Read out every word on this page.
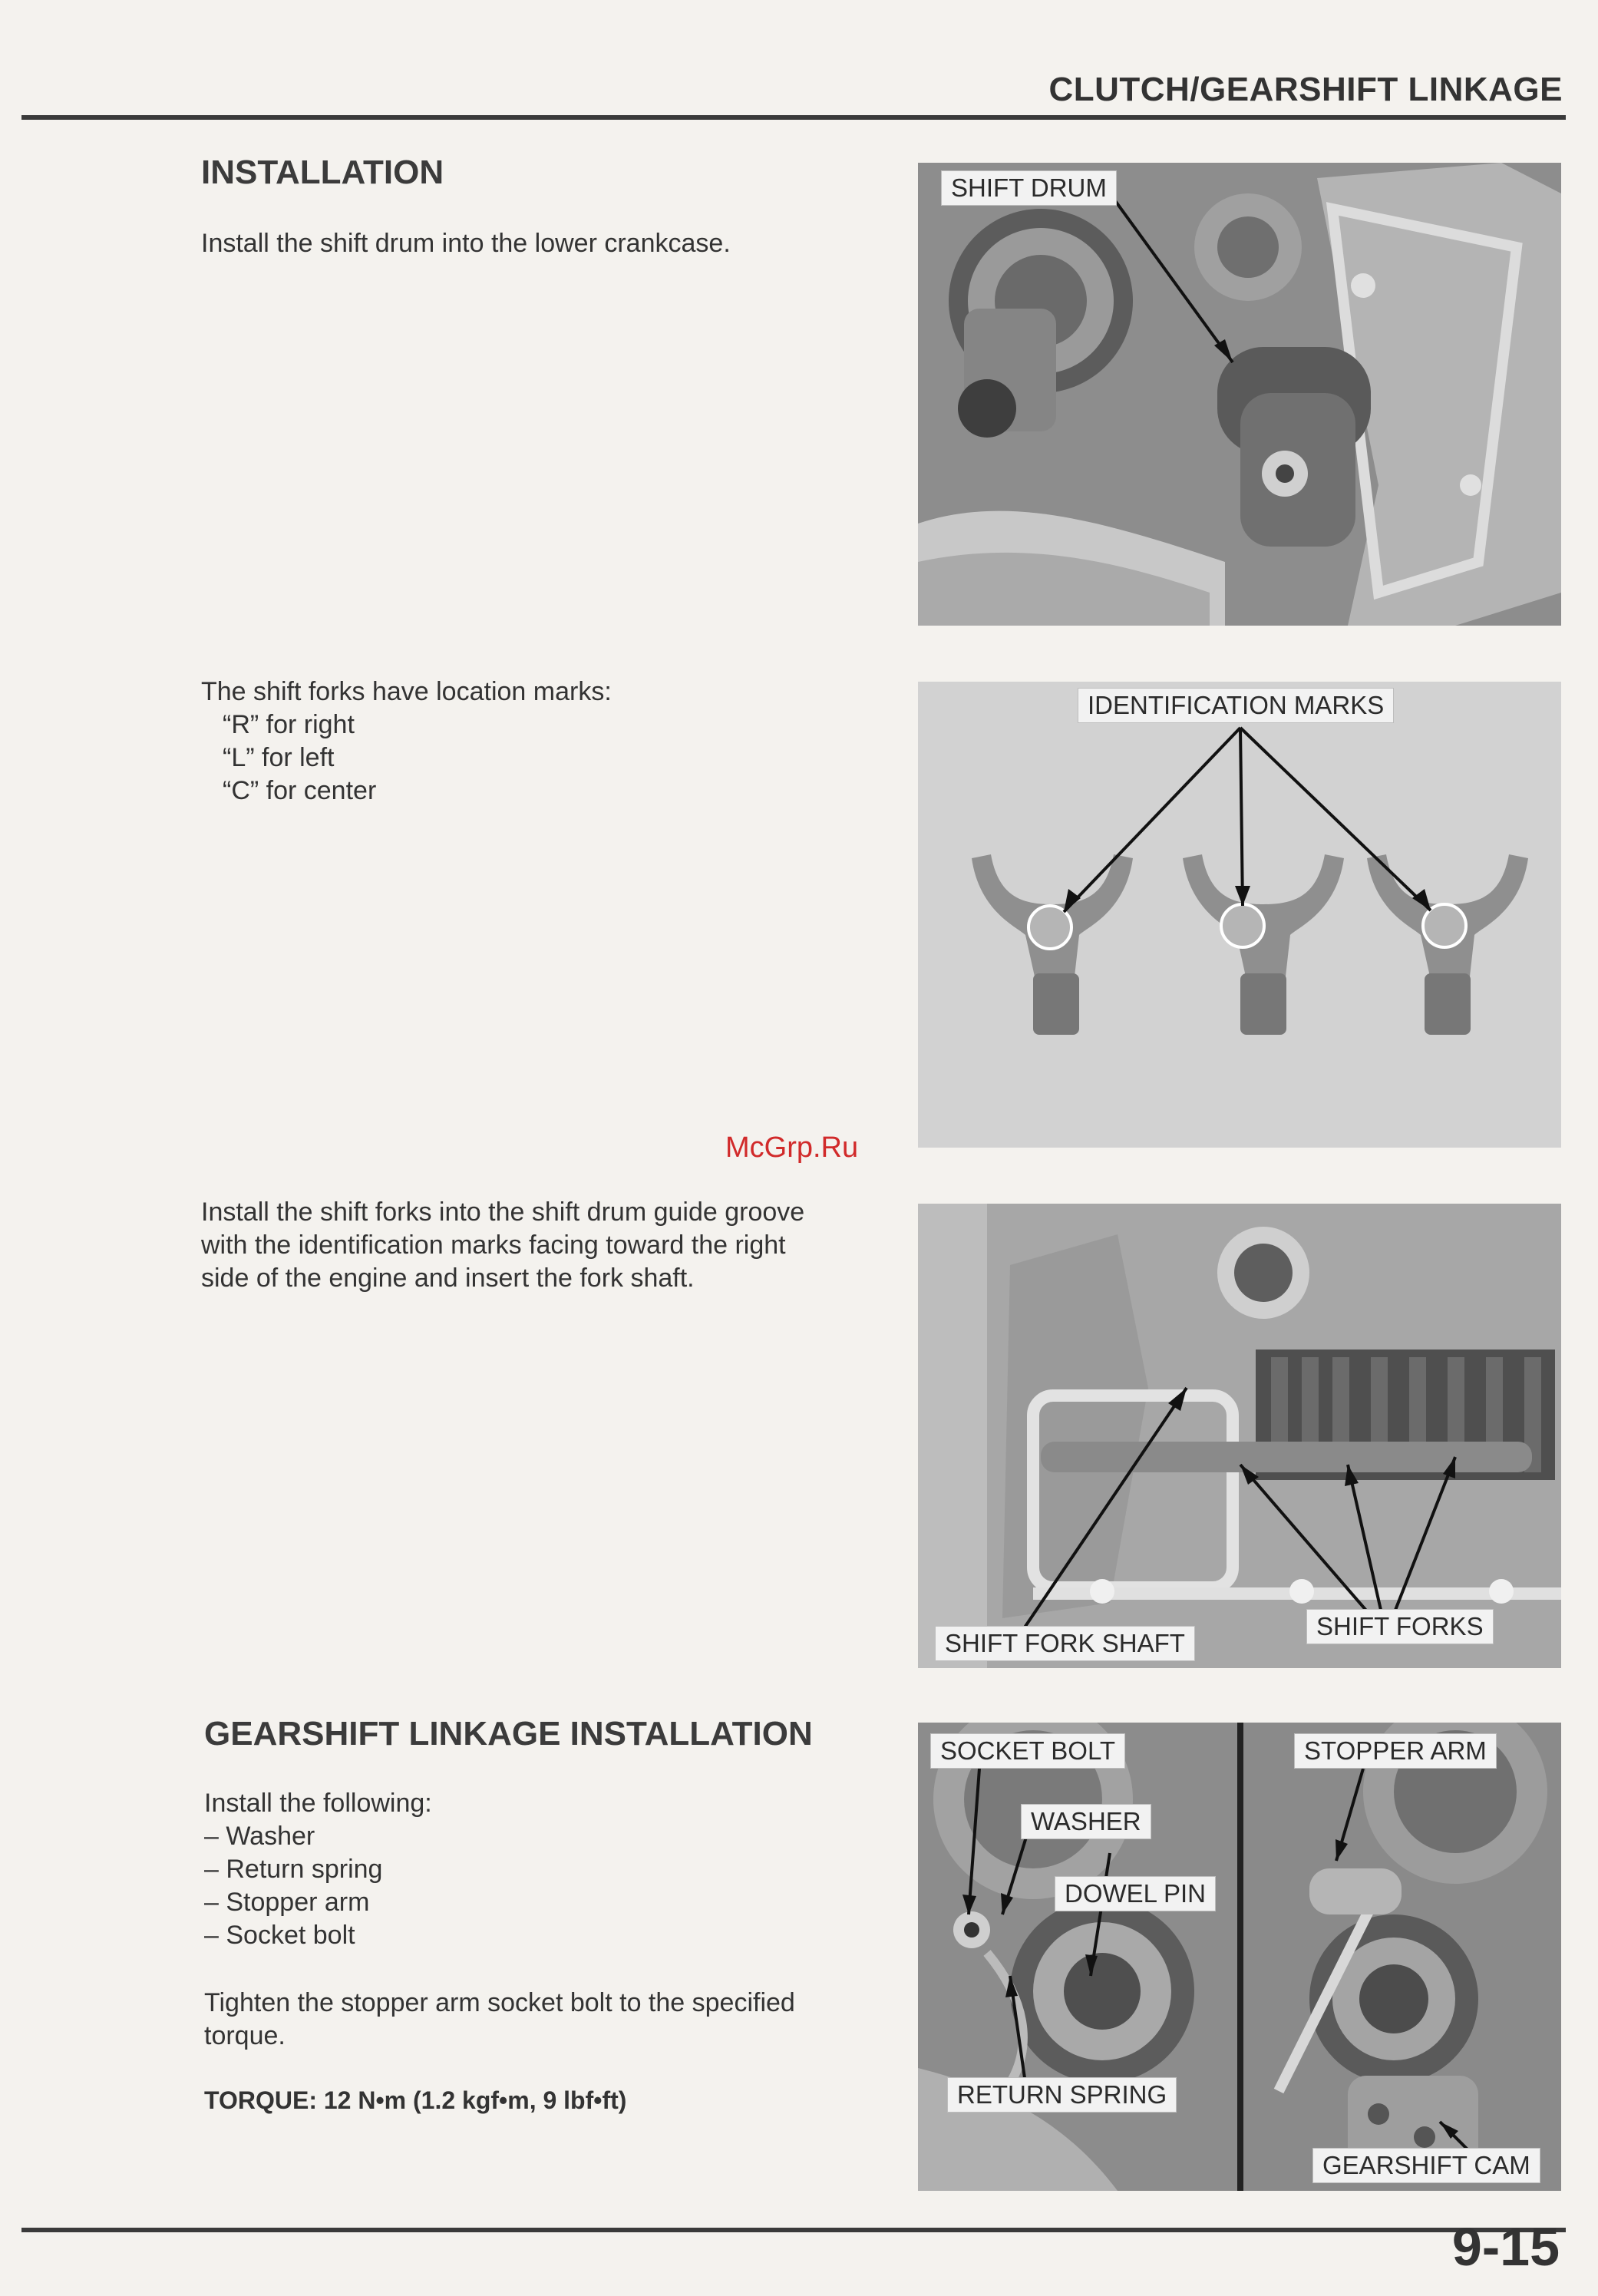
CLUTCH/GEARSHIFT LINKAGE
INSTALLATION
Install the shift drum into the lower crankcase.
The shift forks have location marks:
“R” for right
“L” for left
“C” for center
McGrp.Ru
Install the shift forks into the shift drum guide groove
with the identification marks facing toward the right
side of the engine and insert the fork shaft.
GEARSHIFT LINKAGE INSTALLATION
Install the following:
– Washer
– Return spring
– Stopper arm
– Socket bolt
Tighten the stopper arm socket bolt to the specified
torque.
TORQUE: 12 N•m (1.2 kgf•m, 9 lbf•ft)
SHIFT DRUM
IDENTIFICATION MARKS
SHIFT FORK SHAFT
SHIFT FORKS
SOCKET BOLT
WASHER
DOWEL PIN
RETURN SPRING
STOPPER ARM
GEARSHIFT CAM
9-15
